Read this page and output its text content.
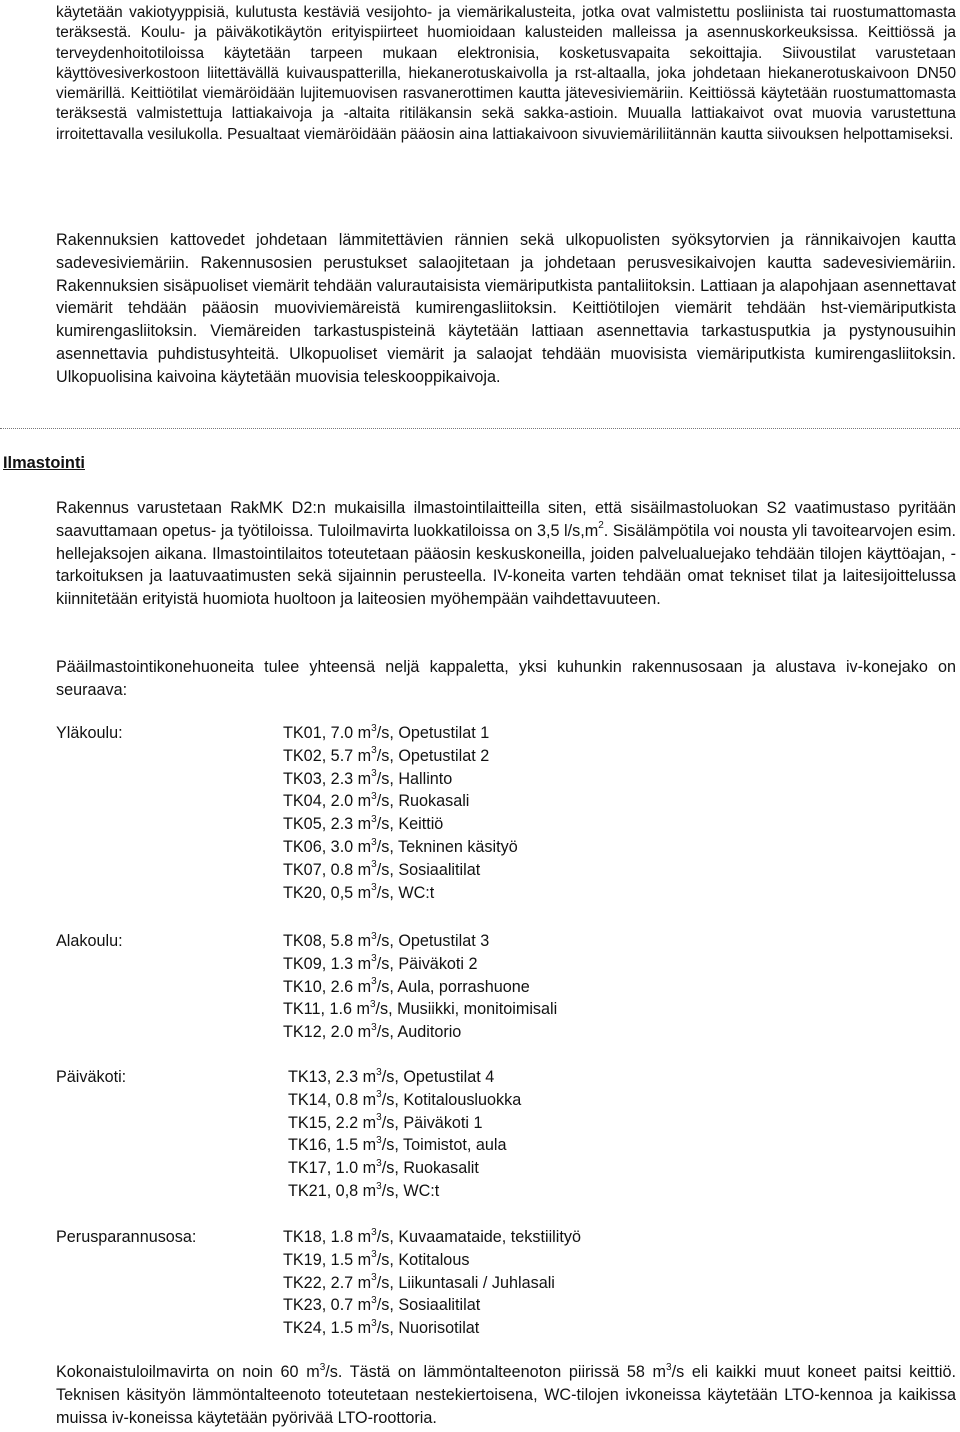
käytetään vakiotyyppisiä, kulutusta kestäviä vesijohto- ja viemärikalusteita, jotka ovat valmistettu posliinista tai ruostumattomasta teräksestä. Koulu- ja päiväkotikäytön erityispiirteet huomioidaan kalusteiden malleissa ja asennuskorkeuksissa. Keittiössä ja terveydenhoitotiloissa käytetään tarpeen mukaan elektronisia, kosketusvapaita sekoittajia. Siivoustilat varustetaan käyttövesiverkostoon liitettävällä kuivauspatterilla, hiekanerotuskaivolla ja rst-altaalla, joka johdetaan hiekanerotuskaivoon DN50 viemärillä. Keittiötilat viemäröidään lujitemuovisen rasvanerottimen kautta jätevesiviemäriin. Keittiössä käytetään ruostumattomasta teräksestä valmistettuja lattiakaivoja ja -altaita ritiläkansin sekä sakka-astioin. Muualla lattiakaivot ovat muovia varustettuna irroitettavalla vesilukolla. Pesualtaat viemäröidään pääosin aina lattiakaivoon sivuviemäriliitännän kautta siivouksen helpottamiseksi.

Rakennuksien kattovedet johdetaan lämmitettävien rännien sekä ulkopuolisten syöksytorvien ja rännikaivojen kautta sadevesiviemäriin. Rakennusosien perustukset salaojitetaan ja johdetaan perusvesikaivojen kautta sadevesiviemäriin. Rakennuksien sisäpuoliset viemärit tehdään valurautaisista viemäriputkista pantaliitoksin. Lattiaan ja alapohjaan asennettavat viemärit tehdään pääosin muoviviemäreistä kumirengasliitoksin. Keittiötilojen viemärit tehdään hst-viemäriputkista kumirengasliitoksin. Viemäreiden tarkastuspisteinä käytetään lattiaan asennettavia tarkastusputkia ja pystynousuihin asennettavia puhdistusyhteitä. Ulkopuoliset viemärit ja salaojat tehdään muovisista viemäriputkista kumirengasliitoksin. Ulkopuolisina kaivoina käytetään muovisia teleskooppikaivoja.

Ilmastointi

Rakennus varustetaan RakMK D2:n mukaisilla ilmastointilaitteilla siten, että sisäilmastoluokan S2 vaatimustaso pyritään saavuttamaan opetus- ja työtiloissa. Tuloilmavirta luokkatiloissa on 3,5 $l/s,m^2$. Sisälämpötila voi nousta yli tavoitearvojen esim. hellejaksojen aikana. Ilmastointilaitos toteutetaan pääosin keskuskoneilla, joiden palvelualuejako tehdään tilojen käyttöajan, -tarkoituksen ja laatuvaatimusten sekä sijainnin perusteella. IV-koneita varten tehdään omat tekniset tilat ja laitesijoittelussa kiinnitetään erityistä huomiota huoltoon ja laiteosien myöhempään vaihdettavuuteen.

Pääilmastointikonehuoneita tulee yhteensä neljä kappaletta, yksi kuhunkin rakennusosaan ja alustava iv-konejako on seuraava:

Yläkoulu:	TK01, 7.0 $m^3/s$, Opetustilat 1
TK02, 5.7 $m^3/s$, Opetustilat 2
TK03, 2.3 $m^3/s$, Hallinto
TK04, 2.0 $m^3/s$, Ruokasali
TK05, 2.3 $m^3/s$, Keittiö
TK06, 3.0 $m^3/s$, Tekninen käsityö
TK07, 0.8 $m^3/s$, Sosiaalitilat
TK20, 0,5 $m^3/s$, WC:t
Alakoulu:	TK08, 5.8 $m^3/s$, Opetustilat 3
TK09, 1.3 $m^3/s$, Päiväkoti 2
TK10, 2.6 $m^3/s$, Aula, porrashuone
TK11, 1.6 $m^3/s$, Musiikki, monitoimisali
TK12, 2.0 $m^3/s$, Auditorio
Päiväkoti:	TK13, 2.3 $m^3/s$, Opetustilat 4
TK14, 0.8 $m^3/s$, Kotitalousluokka
TK15, 2.2 $m^3/s$, Päiväkoti 1
TK16, 1.5 $m^3/s$, Toimistot, aula
TK17, 1.0 $m^3/s$, Ruokasalit
TK21, 0,8 $m^3/s$, WC:t
Perusparannusosa:	TK18, 1.8 $m^3/s$, Kuvaamataide, tekstiilityö
TK19, 1.5 $m^3/s$, Kotitalous
TK22, 2.7 $m^3/s$, Liikuntasali / Juhlasali
TK23, 0.7 $m^3/s$, Sosiaalitilat
TK24, 1.5 $m^3/s$, Nuorisotilat

Kokonaistuloilmavirta on noin 60 $m^3/s$. Tästä on lämmöntalteenoton piirissä 58 $m^3/s$ eli kaikki muut koneet paitsi keittiö. Teknisen käsityön lämmöntalteenoto toteutetaan nestekiertoisena, WC-tilojen ivkoneissa käytetään LTO-kennoa ja kaikissa muissa iv-koneissa käytetään pyörivää LTO-roottoria.
